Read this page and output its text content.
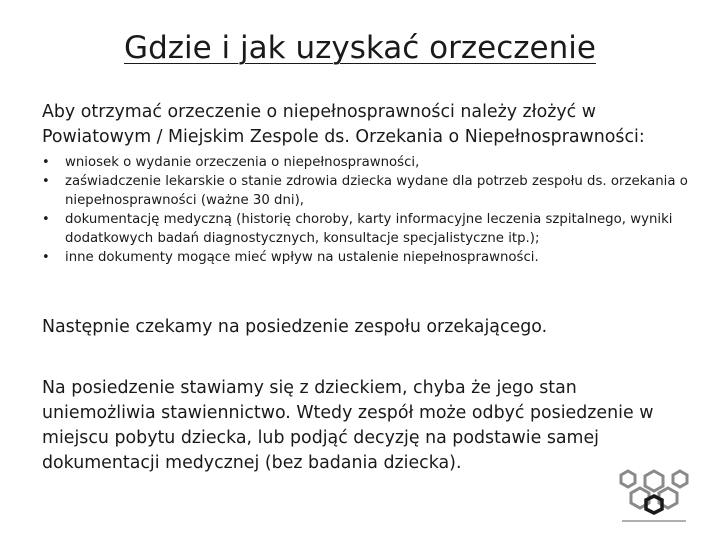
Gdzie i jak uzyskać orzeczenie
Aby otrzymać orzeczenie o niepełnosprawności należy złożyć w Powiatowym / Miejskim Zespole ds. Orzekania o Niepełnosprawności:
• wniosek o wydanie orzeczenia o niepełnosprawności,
• zaświadczenie lekarskie o stanie zdrowia dziecka wydane dla potrzeb zespołu ds. orzekania o niepełnosprawności (ważne 30 dni),
• dokumentację medyczną (historię choroby, karty informacyjne leczenia szpitalnego, wyniki dodatkowych badań diagnostycznych, konsultacje specjalistyczne itp.);
• inne dokumenty mogące mieć wpływ na ustalenie niepełnosprawności.
Następnie czekamy na posiedzenie zespołu orzekającego.
Na posiedzenie stawiamy się z dzieckiem, chyba że jego stan uniemożliwia stawiennictwo. Wtedy zespół może odbyć posiedzenie w miejscu pobytu dziecka, lub podjąć decyzję na podstawie samej dokumentacji medycznej (bez badania dziecka).
